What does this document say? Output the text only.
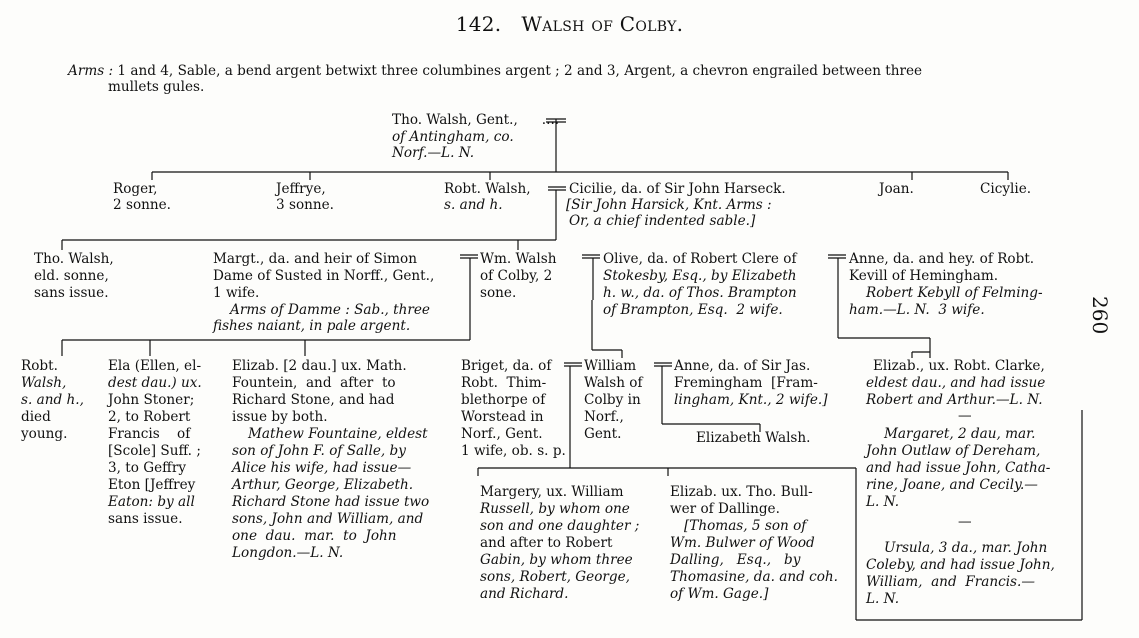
142. Walsh of Colby.
260
Arms : 1 and 4, Sable, a bend argent betwixt three columbines argent ; 2 and 3, Argent, a chevron engrailed between three
mullets gules.
Tho. Walsh, Gent., ....
of Antingham, co.
Norf.—L. N.
Roger,
2 sonne.
Jeffrye,
3 sonne.
Robt. Walsh,
s. and h.
Cicilie, da. of Sir John Harseck.
[Sir John Harsick, Knt. Arms :
Or, a chief indented sable.]
Joan.	Cicylie.
Tho. Walsh,
eld. sonne,
sans issue.
Margt., da. and heir of Simon
Dame of Susted in Norff., Gent.,
1 wife.
Arms of Damme : Sab., three
fishes naiant, in pale argent.
Wm. Walsh
of Colby, 2
sone.
Olive, da. of Robert Clere of
Stokesby, Esq., by Elizabeth
h. w., da. of Thos. Brampton
of Brampton, Esq.  2 wife.
Anne, da. and hey. of Robt.
Kevill of Hemingham.
Robert Kebyll of Felming-
ham.—L. N.  3 wife.
Robt.
Walsh,
s. and h.,
died
young.
Ela (Ellen, el-
dest dau.) ux.
John Stoner;
2, to Robert
Francis    of
[Scole] Suff. ;
3, to Geffry
Eton [Jeffrey
Eaton: by all
sans issue.
Elizab. [2 dau.] ux. Math.
Fountein,  and  after  to
Richard Stone, and had
issue by both.
Mathew Fountaine, eldest
son of John F. of Salle, by
Alice his wife, had issue—
Arthur, George, Elizabeth.
Richard Stone had issue two
sons, John and William, and
one  dau.  mar.  to  John
Longdon.—L. N.
Briget, da. of
Robt.  Thim-
blethorpe of
Worstead in
Norf., Gent.
1 wife, ob. s. p.
William
Walsh of
Colby in
Norf.,
Gent.
Anne, da. of Sir Jas.
Fremingham  [Fram-
lingham, Knt., 2 wife.]
Elizabeth Walsh.
Elizab., ux. Robt. Clarke,
eldest dau., and had issue
Robert and Arthur.—L. N.
—
Margaret, 2 dau, mar.
John Outlaw of Dereham,
and had issue John, Catha-
rine, Joane, and Cecily.—
L. N.
—
Ursula, 3 da., mar. John
Coleby, and had issue John,
William,  and  Francis.—
L. N.
Margery, ux. William
Russell, by whom one
son and one daughter ;
and after to Robert
Gabin, by whom three
sons, Robert, George,
and Richard.
Elizab. ux. Tho. Bull-
wer of Dallinge.
[Thomas, 5 son of
Wm. Bulwer of Wood
Dalling,   Esq.,   by
Thomasine, da. and coh.
of Wm. Gage.]
